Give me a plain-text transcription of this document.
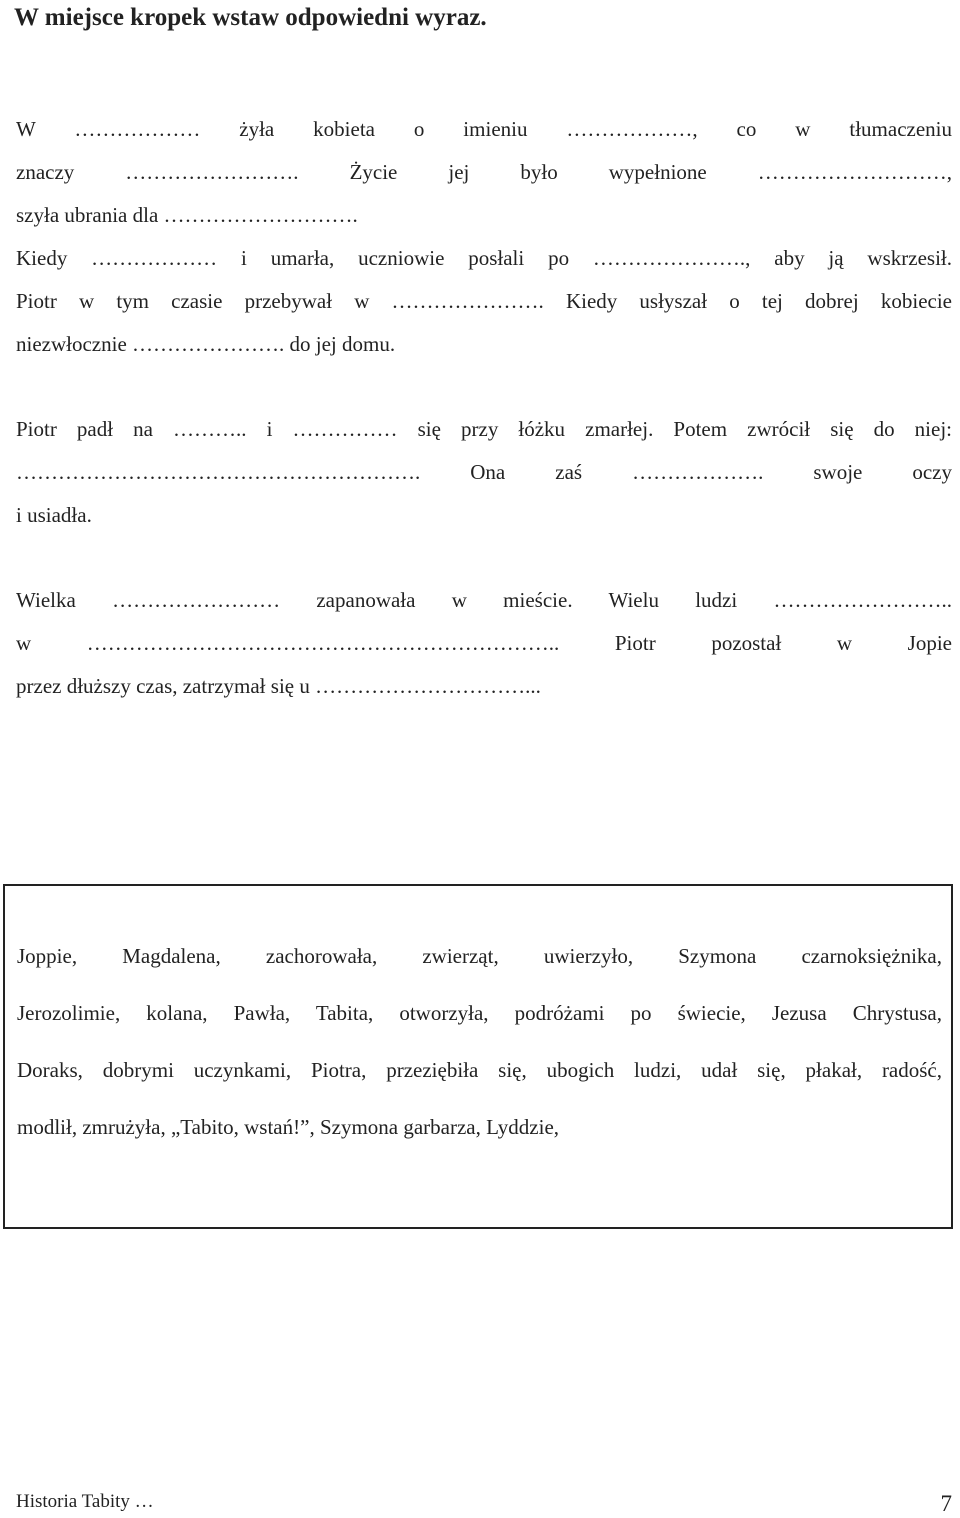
W miejsce kropek wstaw odpowiedni wyraz.
W ……………… żyła kobieta o imieniu ………………, co w tłumaczeniu
znaczy ……………………. Życie jej było wypełnione ………………………,
szyła ubrania dla ……………………….
Kiedy ……………… i umarła, uczniowie posłali po …………………., aby ją wskrzesił.
Piotr w tym czasie przebywał w …………………. Kiedy usłyszał o tej dobrej kobiecie
niezwłocznie …………………. do jej domu.
Piotr padł na ……….. i …………… się przy łóżku zmarłej. Potem zwrócił się do niej:
…………………………………………………. Ona zaś ………………. swoje oczy
i usiadła.
Wielka …………………… zapanowała w mieście. Wielu ludzi ……………………..
w ………………………………………………………….. Piotr pozostał w Jopie
przez dłuższy czas, zatrzymał się u …………………………...
Joppie, Magdalena, zachorowała, zwierząt, uwierzyło, Szymona czarnoksiężnika,
Jerozolimie, kolana, Pawła, Tabita, otworzyła, podróżami po świecie, Jezusa Chrystusa,
Doraks, dobrymi uczynkami, Piotra, przeziębiła się, ubogich ludzi, udał się, płakał, radość,
modlił, zmrużyła, „Tabito, wstań!”, Szymona garbarza, Lyddzie,
Historia Tabity …	7
